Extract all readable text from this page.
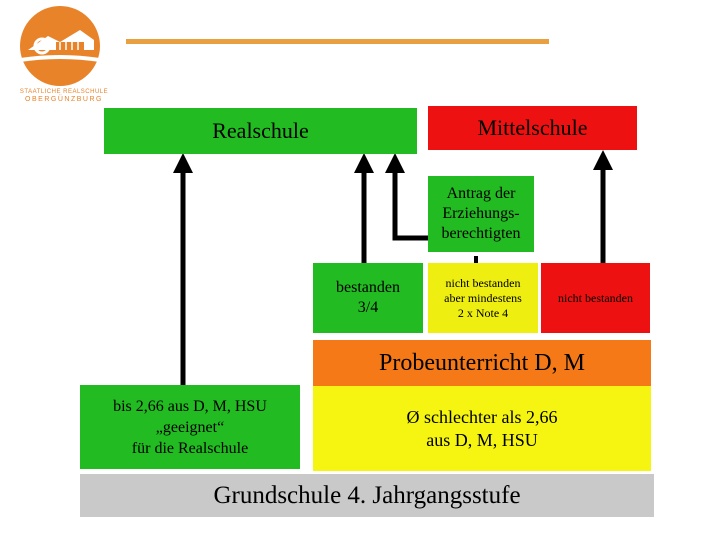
STAATLICHE REALSCHULE
OBERGÜNZBURG
Realschule	Mittelschule
Antrag der
Erziehungs-
berechtigten
bestanden
3/4
nicht bestanden
aber mindestens
2 x Note 4
nicht bestanden
Probeunterricht D, M
bis 2,66 aus D, M, HSU
„geeignet“
für die Realschule
Ø schlechter als 2,66
aus D, M, HSU
Grundschule 4. Jahrgangsstufe
